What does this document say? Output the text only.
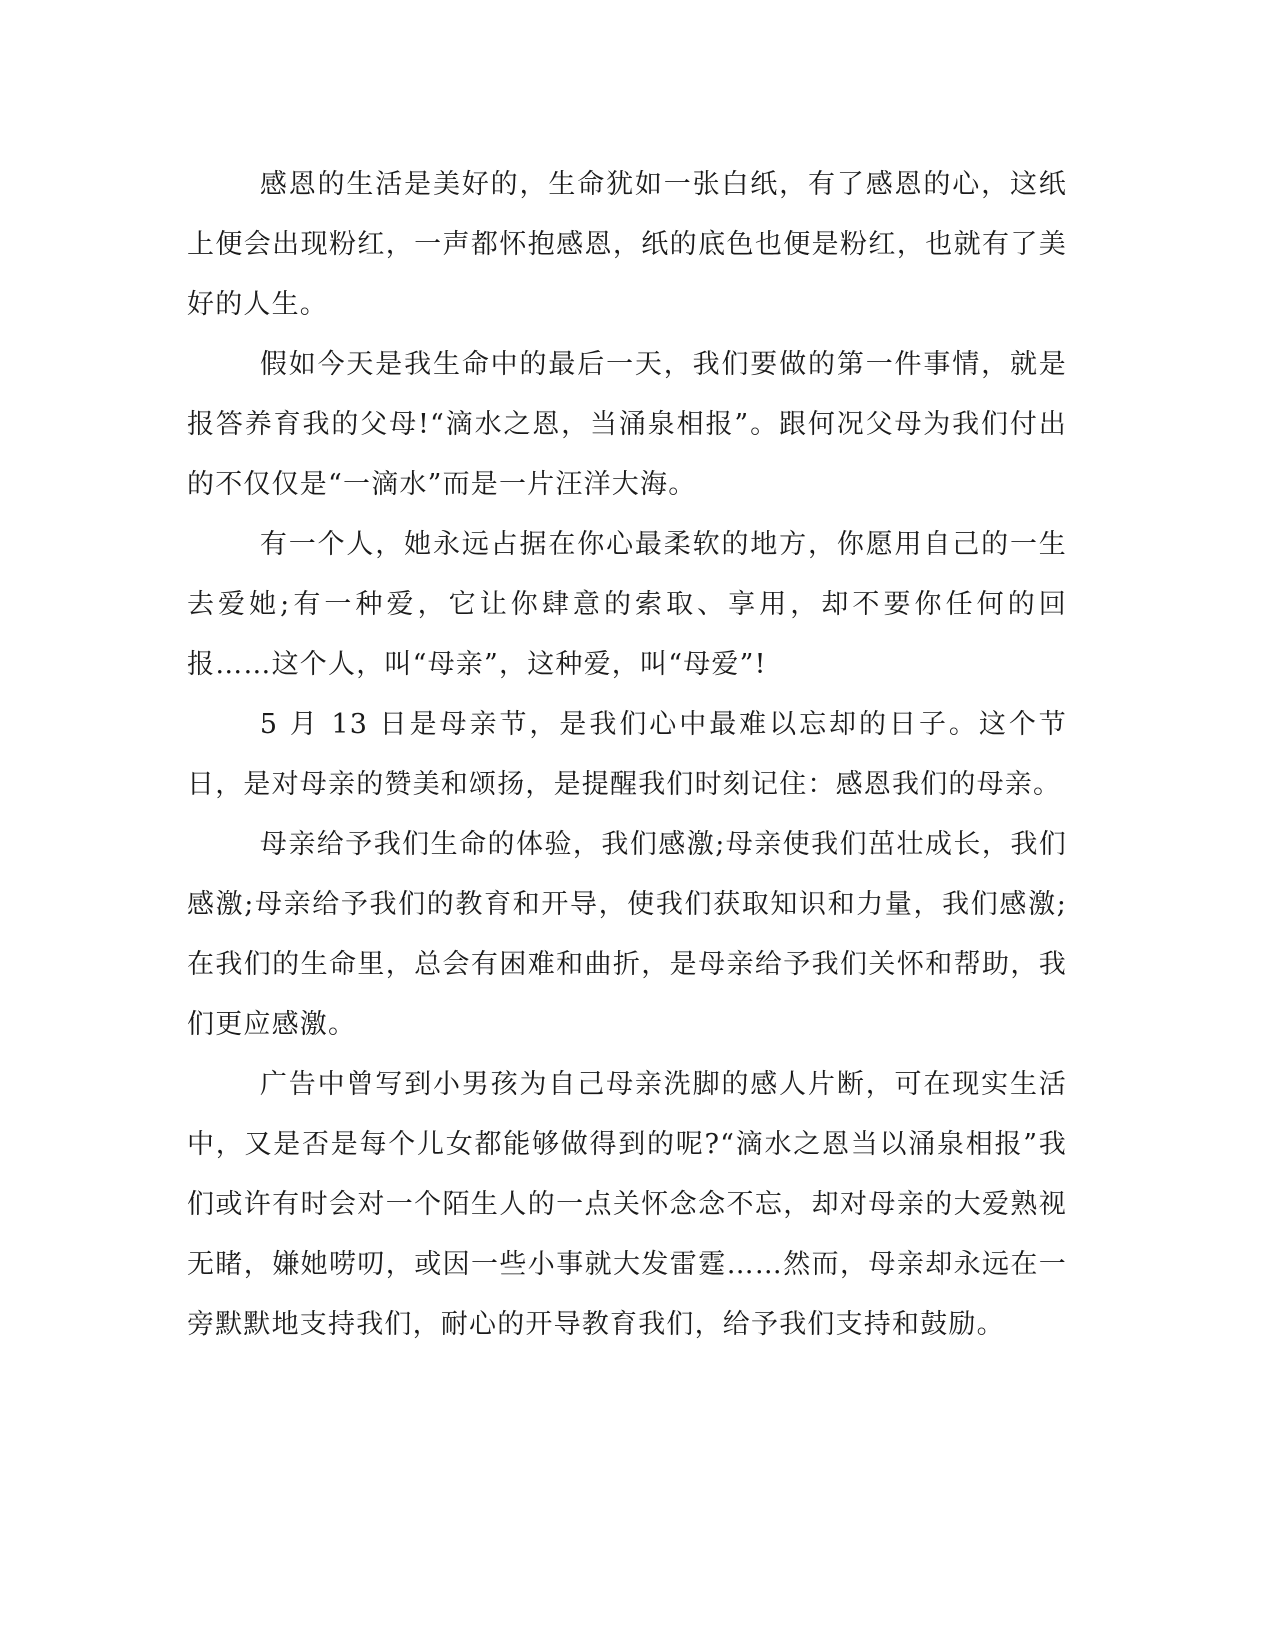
感恩的生活是美好的，生命犹如一张白纸，有了感恩的心，这纸上便会出现粉红，一声都怀抱感恩，纸的底色也便是粉红，也就有了美好的人生。

假如今天是我生命中的最后一天，我们要做的第一件事情，就是报答养育我的父母!“滴水之恩，当涌泉相报”。跟何况父母为我们付出的不仅仅是“一滴水”而是一片汪洋大海。

有一个人，她永远占据在你心最柔软的地方，你愿用自己的一生去爱她;有一种爱，它让你肆意的索取、享用，却不要你任何的回报……这个人，叫“母亲”，这种爱，叫“母爱”!

5 月 13 日是母亲节，是我们心中最难以忘却的日子。这个节日，是对母亲的赞美和颂扬，是提醒我们时刻记住：感恩我们的母亲。

母亲给予我们生命的体验，我们感激;母亲使我们茁壮成长，我们感激;母亲给予我们的教育和开导，使我们获取知识和力量，我们感激;在我们的生命里，总会有困难和曲折，是母亲给予我们关怀和帮助，我们更应感激。

广告中曾写到小男孩为自己母亲洗脚的感人片断，可在现实生活中，又是否是每个儿女都能够做得到的呢?“滴水之恩当以涌泉相报”我们或许有时会对一个陌生人的一点关怀念念不忘，却对母亲的大爱熟视无睹，嫌她唠叨，或因一些小事就大发雷霆……然而，母亲却永远在一旁默默地支持我们，耐心的开导教育我们，给予我们支持和鼓励。
